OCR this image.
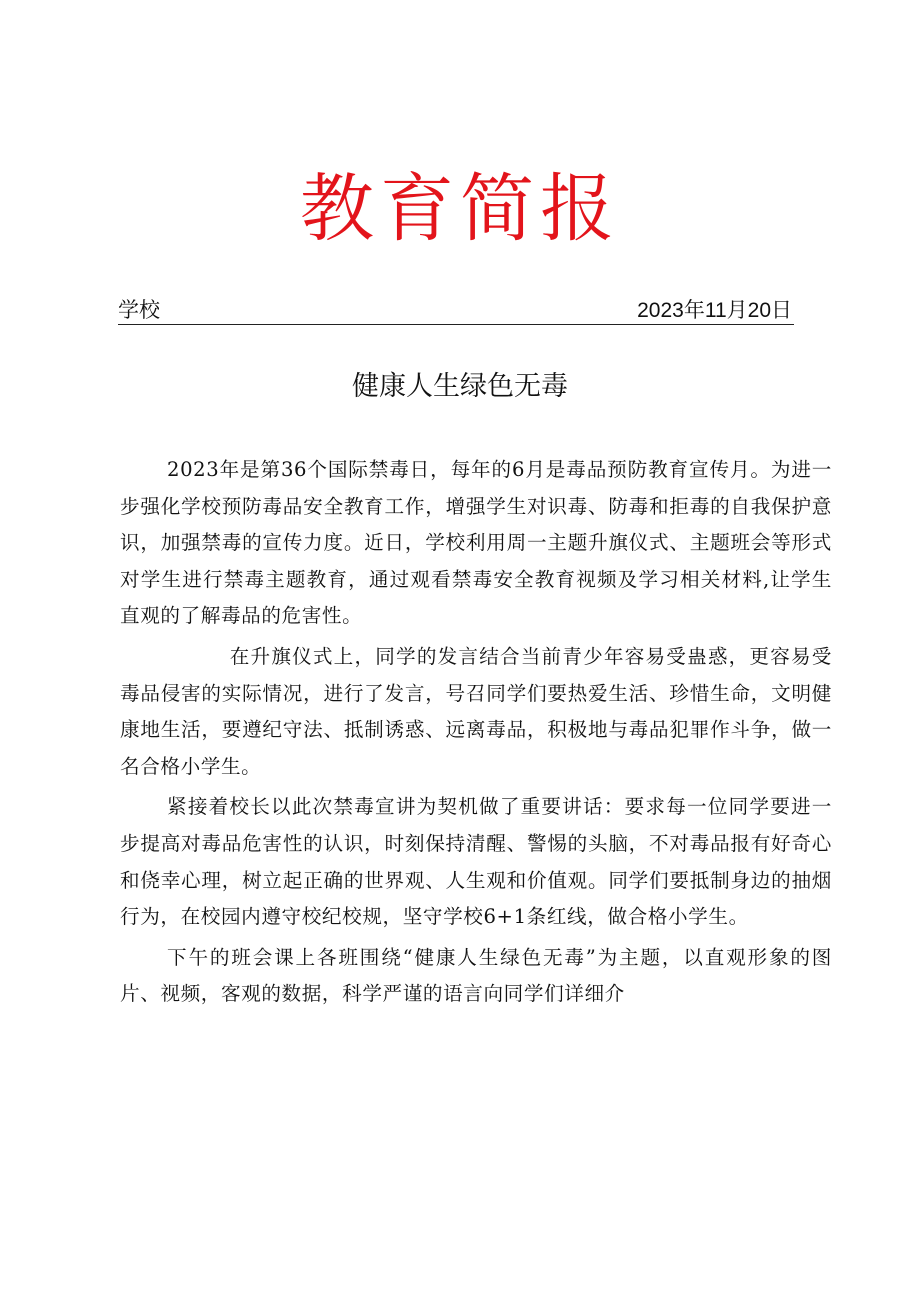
教育简报
学校	2023年11月20日
健康人生绿色无毒

2023年是第36个国际禁毒日，每年的6月是毒品预防教育宣传月。为进一步强化学校预防毒品安全教育工作，增强学生对识毒、防毒和拒毒的自我保护意识，加强禁毒的宣传力度。近日，学校利用周一主题升旗仪式、主题班会等形式对学生进行禁毒主题教育，通过观看禁毒安全教育视频及学习相关材料,让学生直观的了解毒品的危害性。

在升旗仪式上，同学的发言结合当前青少年容易受蛊惑，更容易受毒品侵害的实际情况，进行了发言，号召同学们要热爱生活、珍惜生命，文明健康地生活，要遵纪守法、抵制诱惑、远离毒品，积极地与毒品犯罪作斗争，做一名合格小学生。

紧接着校长以此次禁毒宣讲为契机做了重要讲话：要求每一位同学要进一步提高对毒品危害性的认识，时刻保持清醒、警惕的头脑，不对毒品报有好奇心和侥幸心理，树立起正确的世界观、人生观和价值观。同学们要抵制身边的抽烟行为，在校园内遵守校纪校规，坚守学校6+1条红线，做合格小学生。

下午的班会课上各班围绕“健康人生绿色无毒”为主题，以直观形象的图片、视频，客观的数据，科学严谨的语言向同学们详细介
